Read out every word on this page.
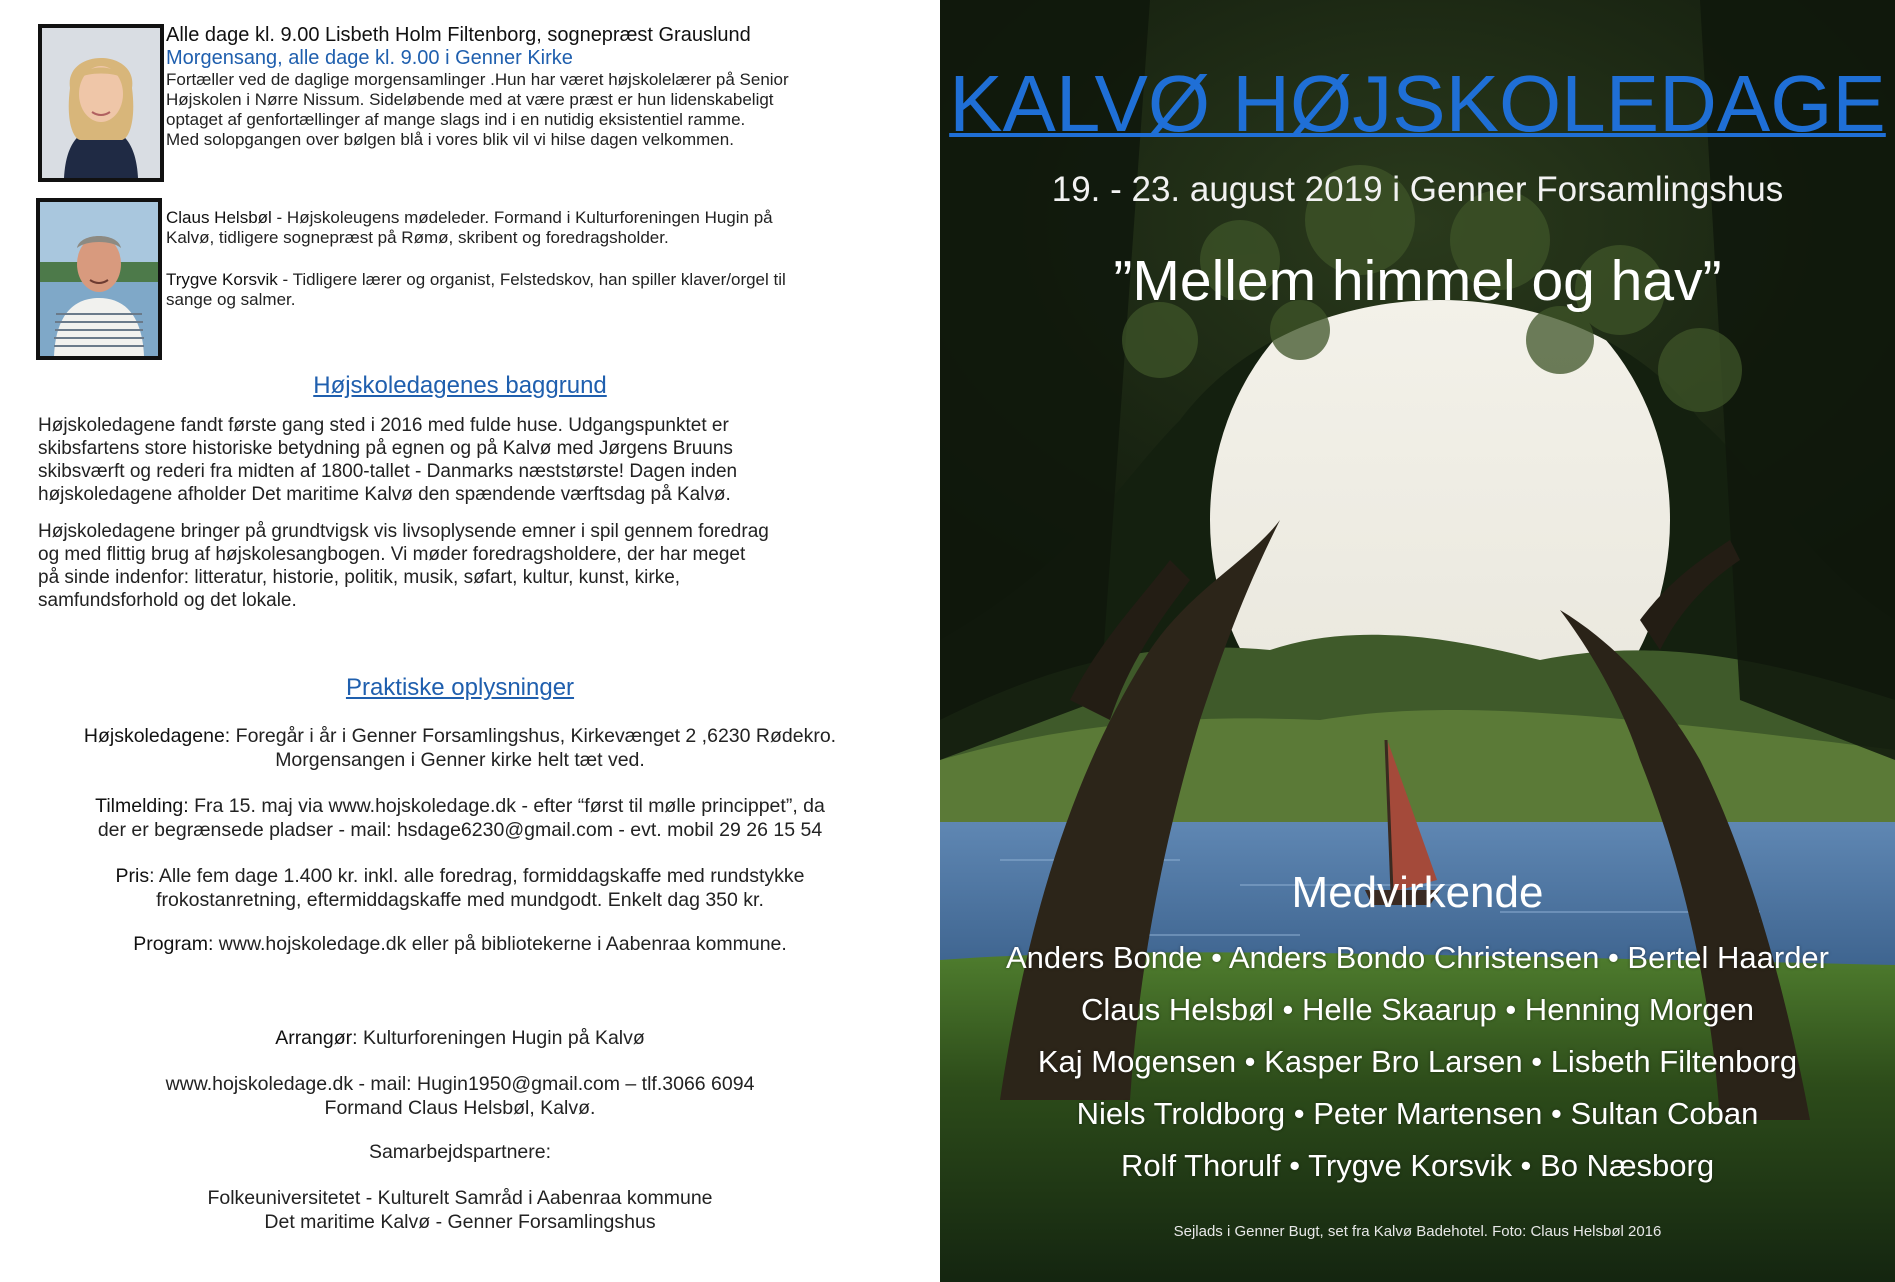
Alle dage kl. 9.00 Lisbeth Holm Filtenborg, sognepræst Grauslund

Morgensang, alle dage kl. 9.00 i Genner Kirke

Fortæller ved de daglige morgensamlinger .Hun har været højskolelærer på Senior

Højskolen i Nørre Nissum. Sideløbende med at være præst er hun lidenskabeligt

optaget af genfortællinger af mange slags ind i en nutidig eksistentiel ramme.

Med solopgangen over bølgen blå i vores blik vil vi hilse dagen velkommen.

Claus Helsbøl - Højskoleugens mødeleder. Formand i Kulturforeningen Hugin på

Kalvø, tidligere sognepræst på Rømø, skribent og foredragsholder.

Trygve Korsvik - Tidligere lærer og organist, Felstedskov, han spiller klaver/orgel til

sange og salmer.

Højskoledagenes baggrund

Højskoledagene fandt første gang sted i 2016 med fulde huse. Udgangspunktet er
skibsfartens store historiske betydning på egnen og på Kalvø med Jørgens Bruuns
skibsværft og rederi fra midten af 1800-tallet - Danmarks næststørste! Dagen inden
højskoledagene afholder Det maritime Kalvø den spændende værftsdag på Kalvø.

Højskoledagene bringer på grundtvigsk vis livsoplysende emner i spil gennem foredrag
og med flittig brug af højskolesangbogen. Vi møder foredragsholdere, der har meget
på sinde indenfor: litteratur, historie, politik, musik, søfart, kultur, kunst, kirke,
samfundsforhold og det lokale.

Praktiske oplysninger
Højskoledagene: Foregår i år i Genner Forsamlingshus, Kirkevænget 2 ,6230 Rødekro.
Morgensangen i Genner kirke helt tæt ved.
Tilmelding: Fra 15. maj via www.hojskoledage.dk - efter “først til mølle princippet”, da
der er begrænsede pladser - mail: hsdage6230@gmail.com - evt. mobil 29 26 15 54
Pris: Alle fem dage 1.400 kr. inkl. alle foredrag, formiddagskaffe med rundstykke
frokostanretning, eftermiddagskaffe med mundgodt. Enkelt dag 350 kr.
Program: www.hojskoledage.dk eller på bibliotekerne i Aabenraa kommune.
Arrangør: Kulturforeningen Hugin på Kalvø
www.hojskoledage.dk - mail: Hugin1950@gmail.com – tlf.3066 6094
Formand Claus Helsbøl, Kalvø.
Samarbejdspartnere:
Folkeuniversitetet - Kulturelt Samråd i Aabenraa kommune
Det maritime Kalvø - Genner Forsamlingshus
KALVØ HØJSKOLEDAGE
19. - 23. august 2019 i Genner Forsamlingshus
”Mellem himmel og hav”
Medvirkende
Anders Bonde • Anders Bondo Christensen • Bertel Haarder
Claus Helsbøl • Helle Skaarup • Henning Morgen
Kaj Mogensen • Kasper Bro Larsen • Lisbeth Filtenborg
Niels Troldborg • Peter Martensen • Sultan Coban
Rolf Thorulf • Trygve Korsvik • Bo Næsborg
Sejlads i Genner Bugt, set fra Kalvø Badehotel. Foto: Claus Helsbøl 2016
